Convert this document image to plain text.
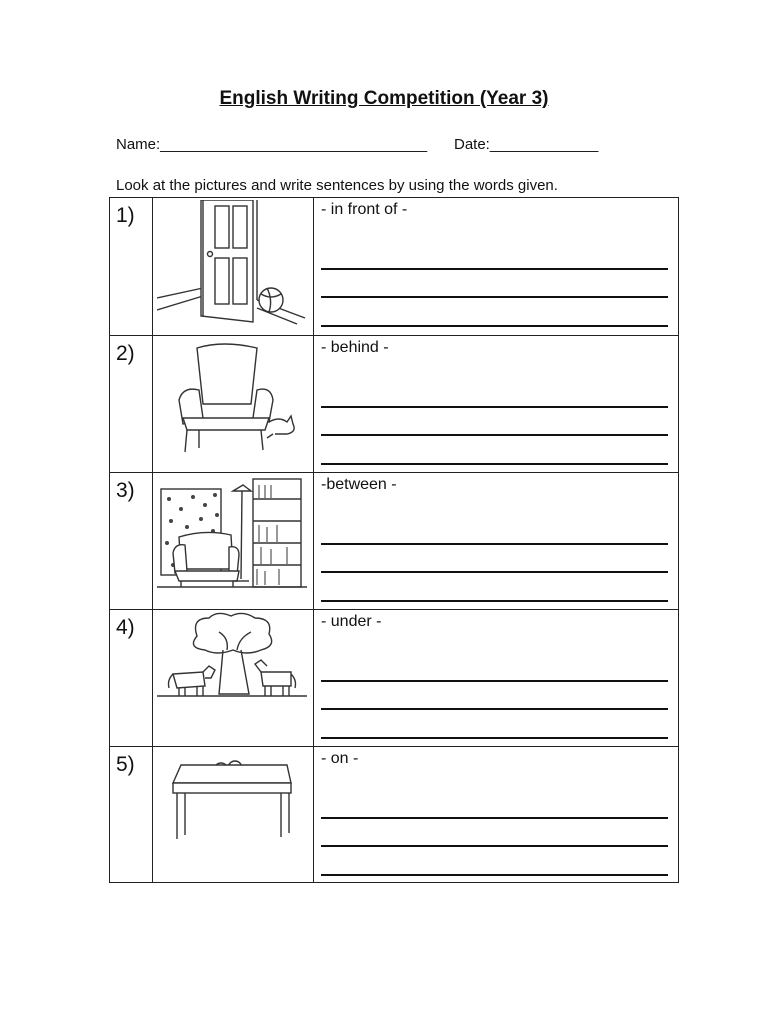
English Writing Competition (Year 3)
Name:________________________________ Date:_____________

Look at the pictures and write sentences by using the words given.

1)	- in front of -
2)	- behind -
3)	-between -
4)	- under -
5)	- on -
